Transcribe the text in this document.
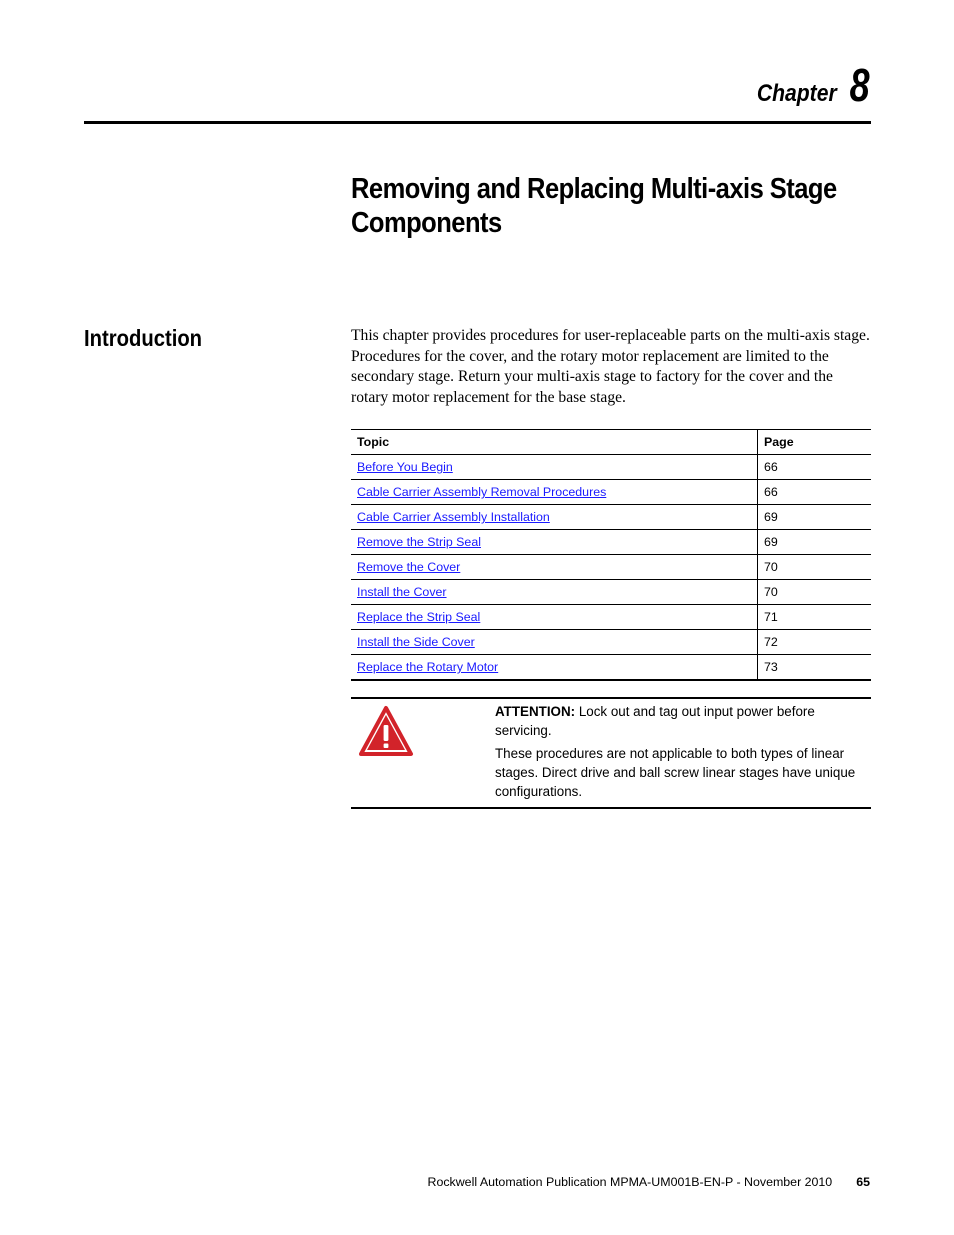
Chapter 8
Removing and Replacing Multi-axis Stage Components
Introduction	This chapter provides procedures for user-replaceable parts on the multi-axis stage. Procedures for the cover, and the rotary motor replacement are limited to the secondary stage. Return your multi-axis stage to factory for the cover and the rotary motor replacement for the base stage.

Topic	Page
Before You Begin	66
Cable Carrier Assembly Removal Procedures	66
Cable Carrier Assembly Installation	69
Remove the Strip Seal	69
Remove the Cover	70
Install the Cover	70
Replace the Strip Seal	71
Install the Side Cover	72
Replace the Rotary Motor	73

ATTENTION: Lock out and tag out input power before servicing.

These procedures are not applicable to both types of linear stages. Direct drive and ball screw linear stages have unique configurations.

Rockwell Automation Publication MPMA-UM001B-EN-P - November 2010 65
